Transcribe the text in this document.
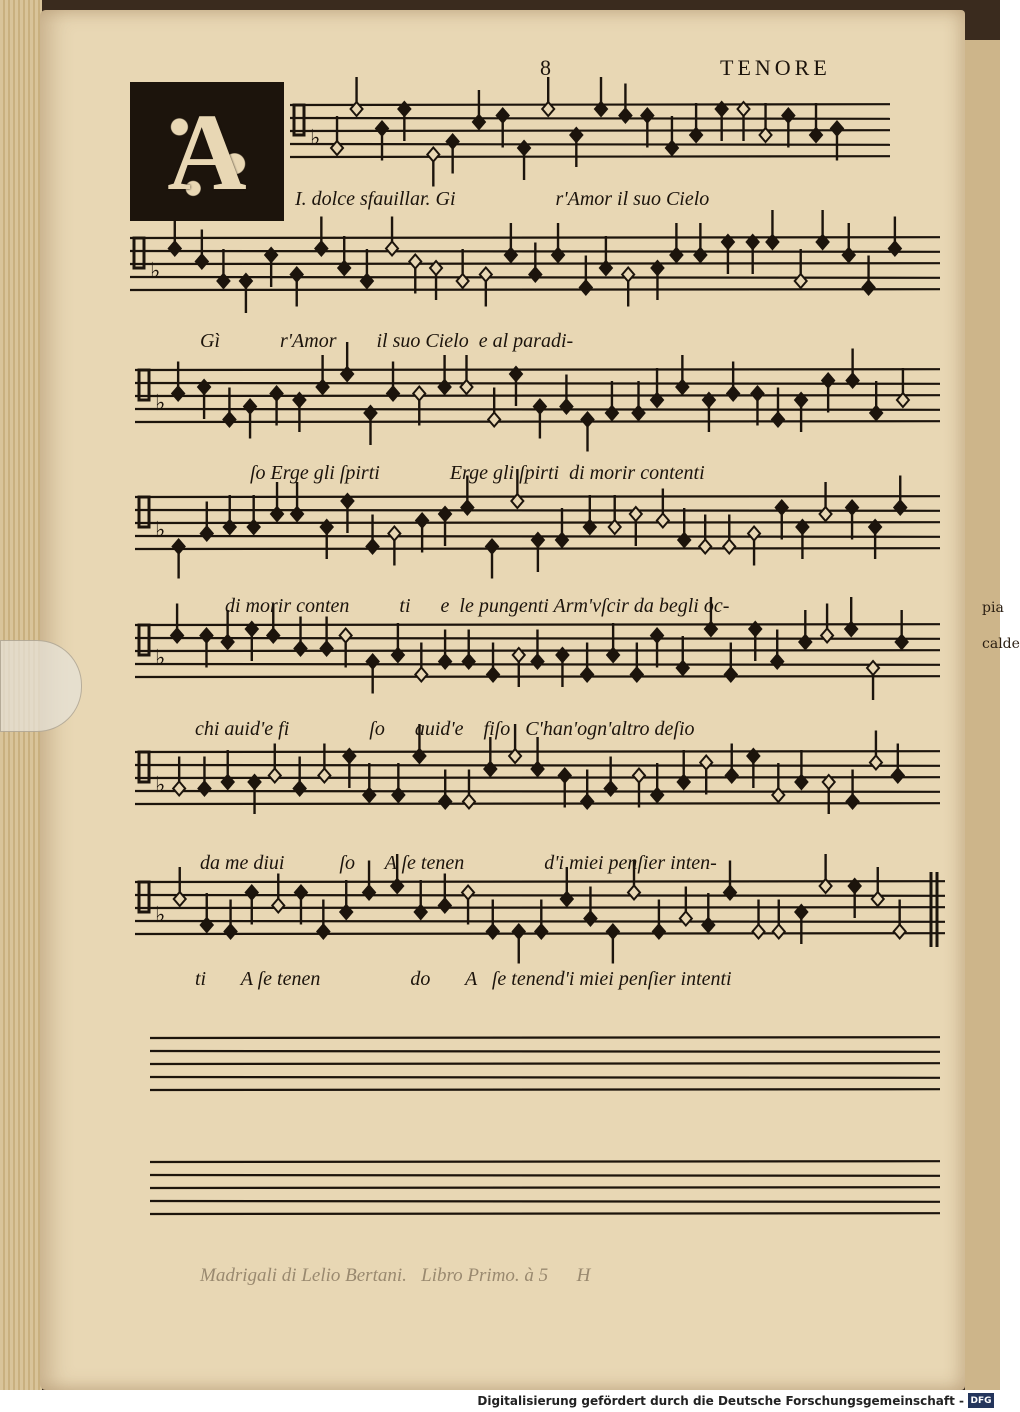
pia
calde
8	TENORE
A	♭
♭
♭
♭
♭
♭
♭
Madrigali di Lelio Bertani.   Libro Primo. à 5      H
I. dolce sfauillar. Gi                    r'Amor il suo Cielo
Gì            r'Amor        il suo Cielo  e al paradi-
ſo Erge gli ſpirti              Erge gli ſpirti  di morir contenti
di morir conten          ti      e  le pungenti Arm'vſcir da begli oc-
chi auid'e fi                ſo      auid'e    fiſo   C'han'ogn'altro deſio
da me diui           ſo      A ſe tenen                d'i miei penſier inten-
ti       A ſe tenen                  do       A   ſe tenend'i miei penſier intenti
Digitalisierung gefördert durch die Deutsche Forschungsgemeinschaft - DFG
